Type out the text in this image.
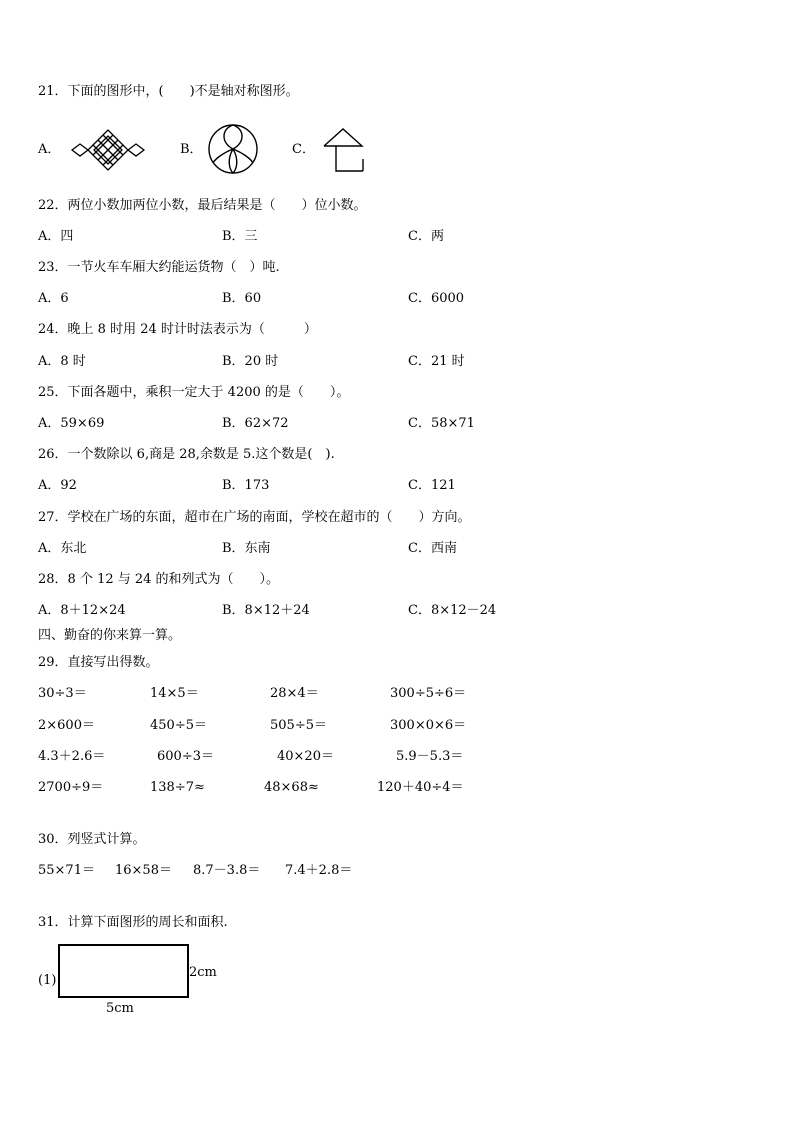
21．下面的图形中，(　　)不是轴对称图形。
A．	B．	C．
22．两位小数加两位小数，最后结果是（　　）位小数。
A．四	B．三	C．两
23．一节火车车厢大约能运货物（　）吨.
A．6	B．60	C．6000
24．晚上 8 时用 24 时计时法表示为（　　　）
A．8 时	B．20 时	C．21 时
25．下面各题中，乘积一定大于 4200 的是（　　）。
A．59×69	B．62×72	C．58×71
26．一个数除以 6,商是 28,余数是 5.这个数是(　).
A．92	B．173	C．121
27．学校在广场的东面，超市在广场的南面，学校在超市的（　　）方向。
A．东北	B．东南	C．西南
28．8 个 12 与 24 的和列式为（　　）。
A．8＋12×24	B．8×12＋24	C．8×12－24
四、勤奋的你来算一算。
29．直接写出得数。
30÷3＝	14×5＝	28×4＝	300÷5÷6＝
2×600＝	450÷5＝	505÷5＝	300×0×6＝
4.3＋2.6＝	600÷3＝	40×20＝	5.9－5.3＝
2700÷9＝	138÷7≈	48×68≈	120＋40÷4＝
30．列竖式计算。
55×71＝ 16×58＝ 8.7－3.8＝ 7.4＋2.8＝
31．计算下面图形的周长和面积.
(1)
2cm
5cm
